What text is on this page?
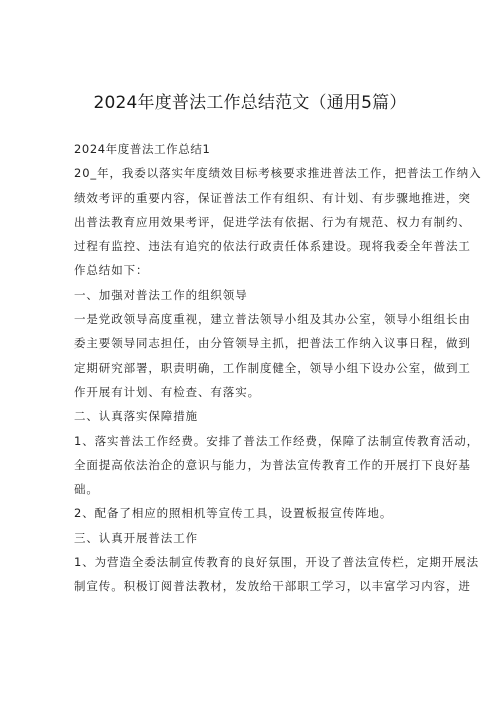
2024年度普法工作总结范文（通用5篇）
2024年度普法工作总结1
20_年，我委以落实年度绩效目标考核要求推进普法工作，把普法工作纳入
绩效考评的重要内容，保证普法工作有组织、有计划、有步骤地推进，突
出普法教育应用效果考评，促进学法有依据、行为有规范、权力有制约、
过程有监控、违法有追究的依法行政责任体系建设。现将我委全年普法工
作总结如下：
一、加强对普法工作的组织领导
一是党政领导高度重视，建立普法领导小组及其办公室，领导小组组长由
委主要领导同志担任，由分管领导主抓，把普法工作纳入议事日程，做到
定期研究部署，职责明确，工作制度健全，领导小组下设办公室，做到工
作开展有计划、有检查、有落实。
二、认真落实保障措施
1、落实普法工作经费。安排了普法工作经费，保障了法制宣传教育活动，
全面提高依法治企的意识与能力，为普法宣传教育工作的开展打下良好基
础。
2、配备了相应的照相机等宣传工具，设置板报宣传阵地。
三、认真开展普法工作
1、为营造全委法制宣传教育的良好氛围，开设了普法宣传栏，定期开展法
制宣传。积极订阅普法教材，发放给干部职工学习，以丰富学习内容，进
